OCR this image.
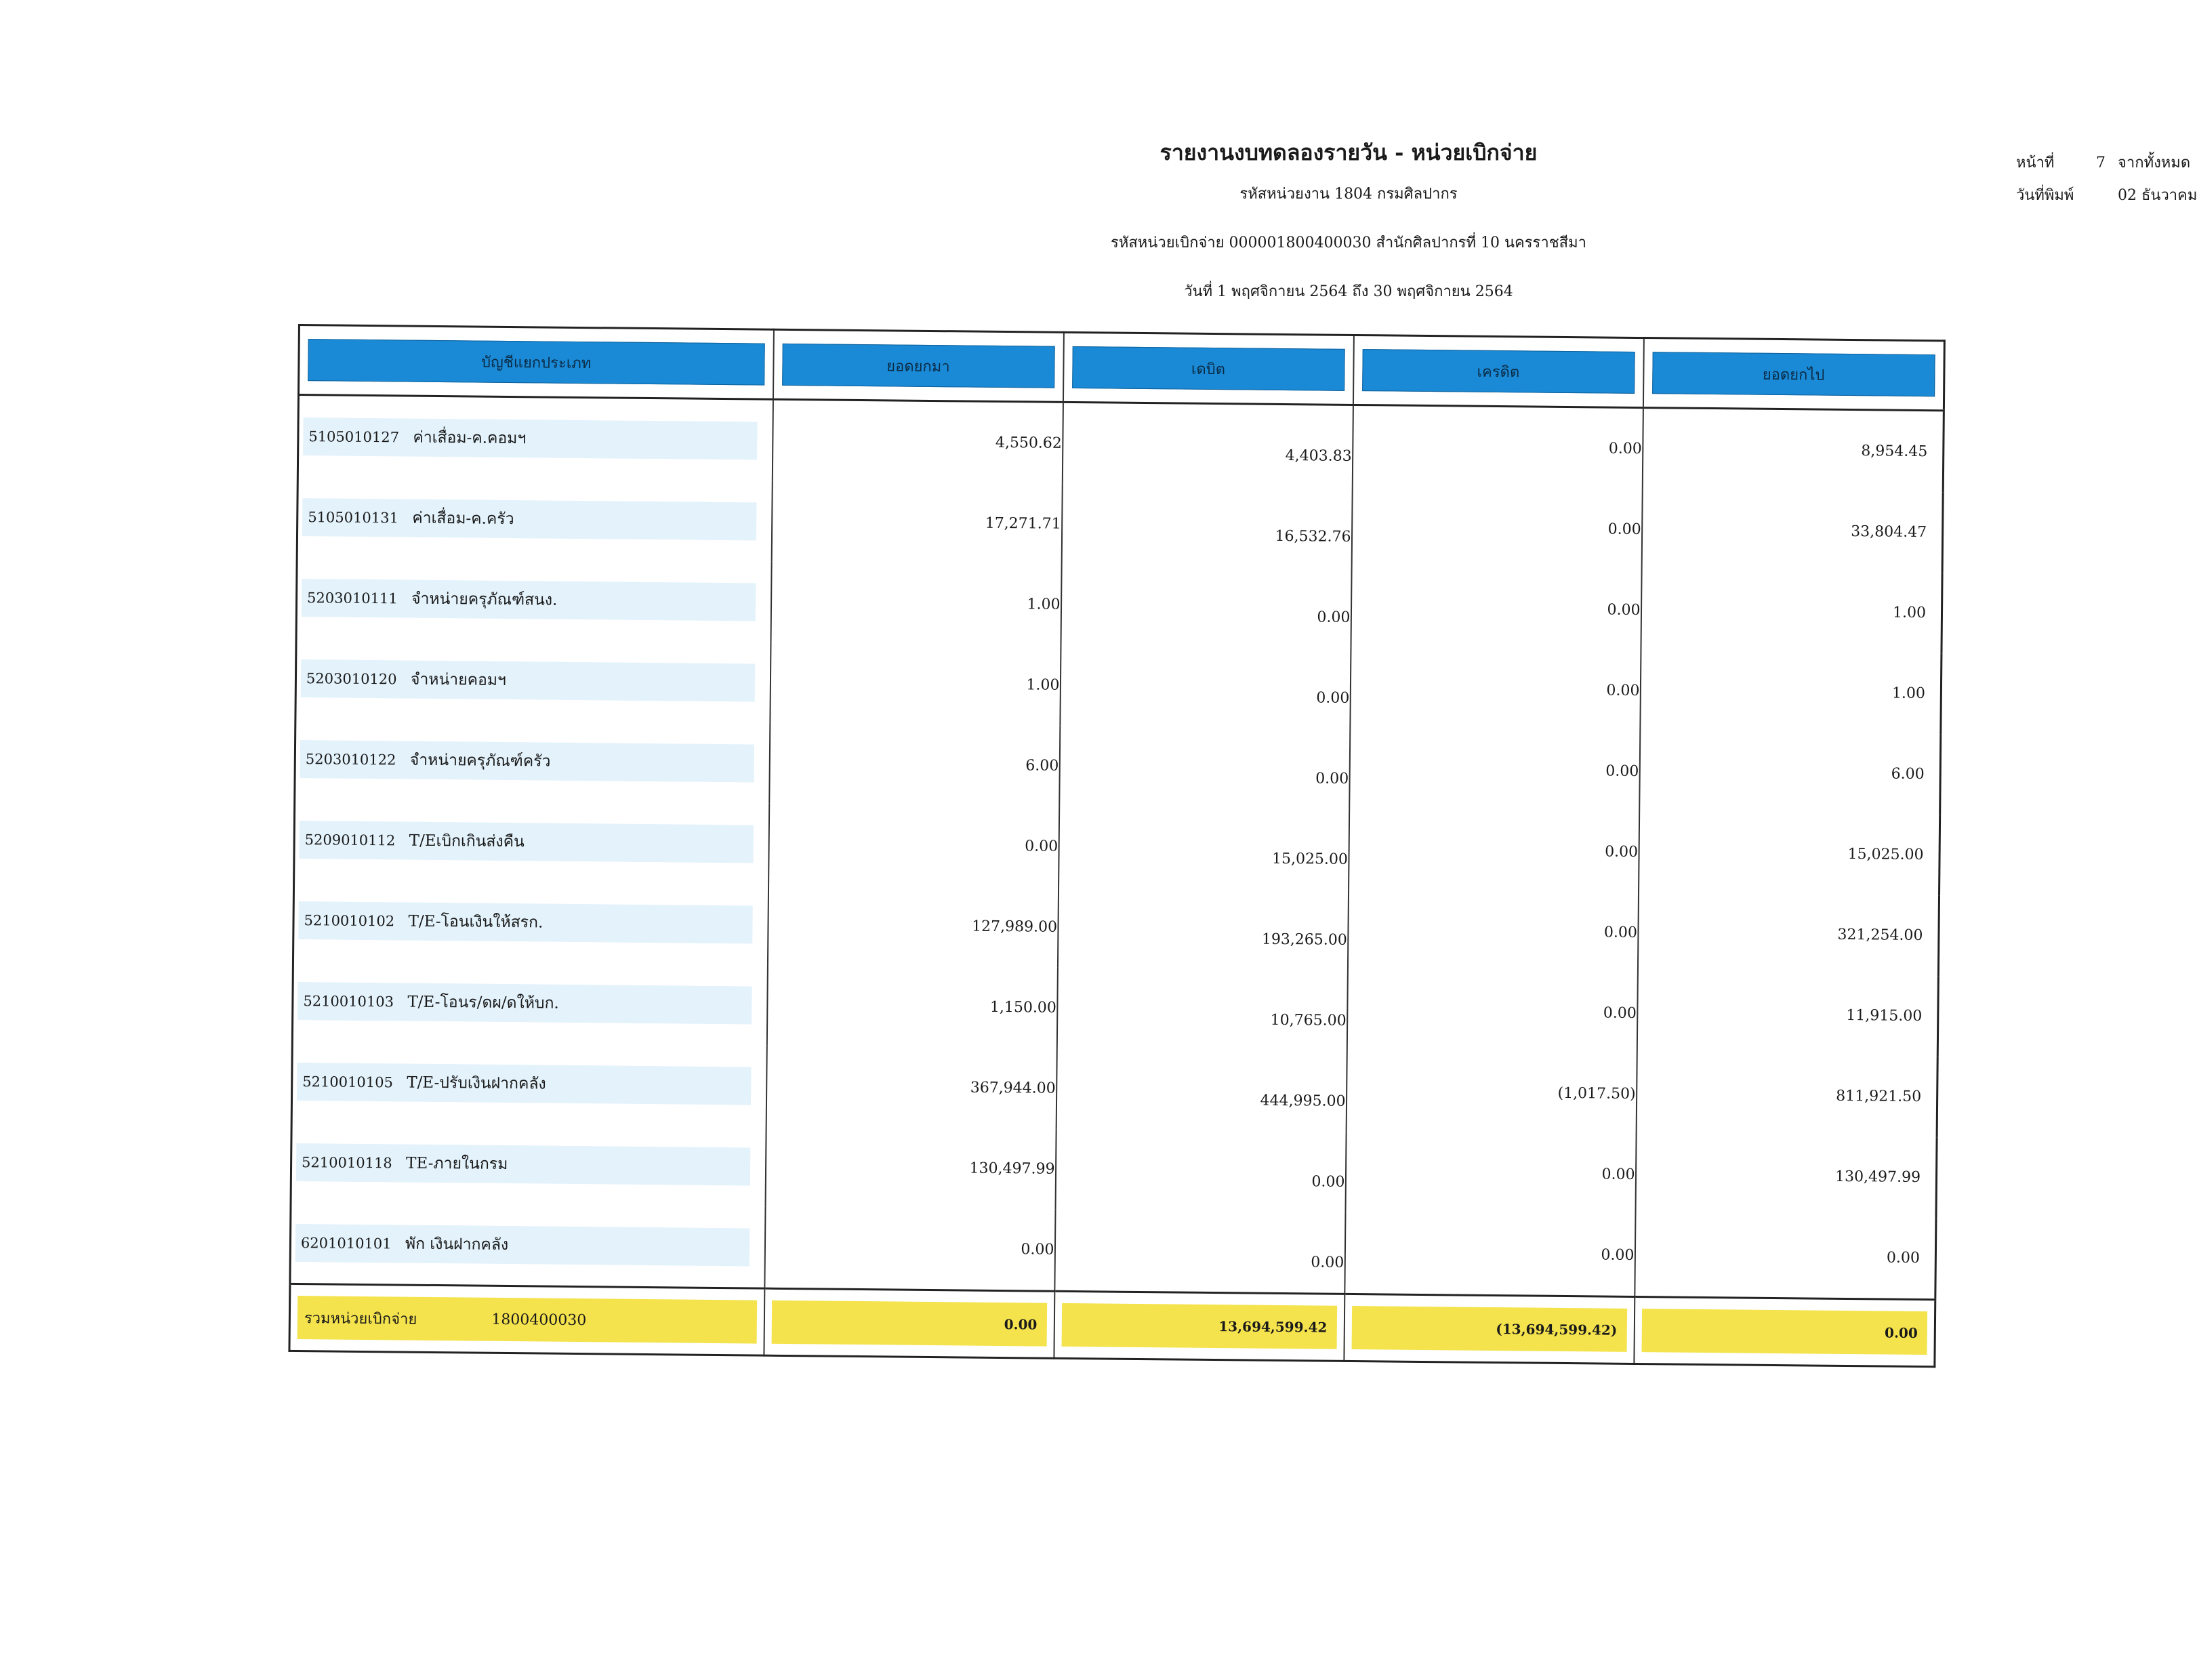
รายงานงบทดลองรายวัน - หน่วยเบิกจ่าย
รหัสหน่วยงาน 1804 กรมศิลปากร
รหัสหน่วยเบิกจ่าย 000001800400030 สำนักศิลปากรที่ 10 นครราชสีมา
วันที่ 1 พฤศจิกายน 2564 ถึง 30 พฤศจิกายน 2564
หน้าที่	7 จากทั้งหมด
วันที่พิมพ์	02 ธันวาคม
บัญชีแยกประเภท	ยอดยกมา	เดบิต	เครดิต	ยอดยกไป

5105010127 ค่าเสื่อม-ค.คอมฯ	4,550.62	4,403.83	0.00	8,954.45

5105010131 ค่าเสื่อม-ค.ครัว	17,271.71	16,532.76	0.00	33,804.47

5203010111 จำหน่ายครุภัณฑ์สนง.	1.00	0.00	0.00	1.00

5203010120 จำหน่ายคอมฯ	1.00	0.00	0.00	1.00

5203010122 จำหน่ายครุภัณฑ์ครัว	6.00	0.00	0.00	6.00

5209010112 T/Eเบิกเกินส่งคืน	0.00	15,025.00	0.00	15,025.00

5210010102 T/E-โอนเงินให้สรก.	127,989.00	193,265.00	0.00	321,254.00

5210010103 T/E-โอนร/ดผ/ดให้บก.	1,150.00	10,765.00	0.00	11,915.00

5210010105 T/E-ปรับเงินฝากคลัง	367,944.00	444,995.00	(1,017.50)	811,921.50

5210010118 TE-ภายในกรม	130,497.99	0.00	0.00	130,497.99

6201010101 พัก เงินฝากคลัง	0.00	0.00	0.00	0.00

รวมหน่วยเบิกจ่าย 1800400030	0.00	13,694,599.42	(13,694,599.42)	0.00
